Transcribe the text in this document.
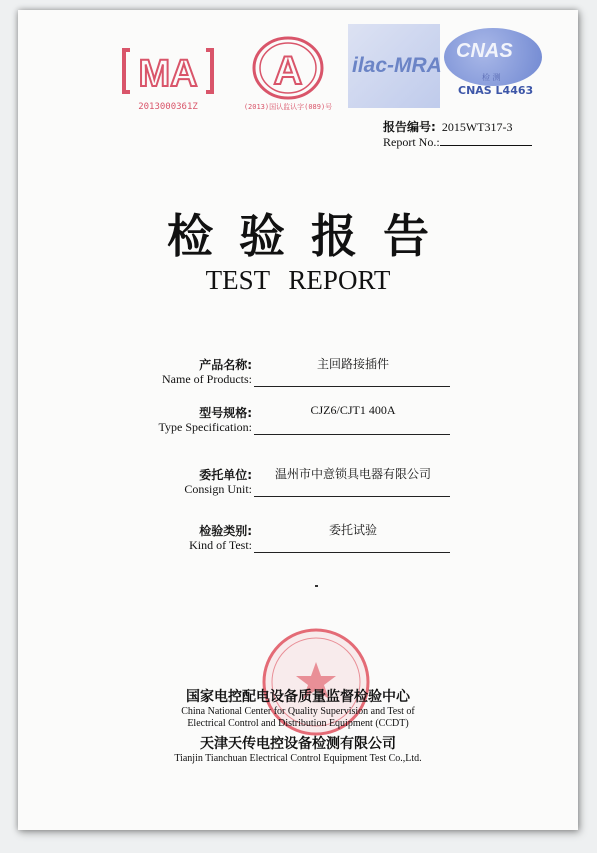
MA
2013000361Z
A
(2013)国认监认字(089)号
ilac-MRA
CNAS
检 测
CNAS L4463
报告编号: 2015WT317-3
Report No.:
检验报告
TEST REPORT
产品名称:
Name of Products:
主回路接插件
型号规格:
Type Specification:
CJZ6/CJT1 400A
委托单位:
Consign Unit:
温州市中意锁具电器有限公司
检验类别:
Kind of Test:
委托试验
国家电控配电设备质量监督检验中心
China National Center for Quality Supervision and Test of
Electrical Control and Distribution Equipment (CCDT)
天津天传电控设备检测有限公司
Tianjin Tianchuan Electrical Control Equipment Test Co.,Ltd.
